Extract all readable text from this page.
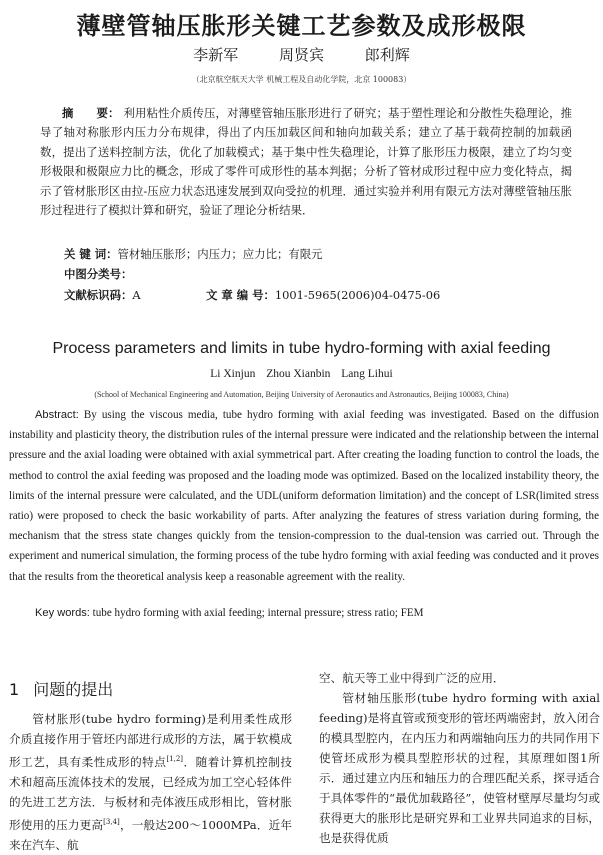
薄壁管轴压胀形关键工艺参数及成形极限
李新军	周贤宾	郎利辉
（北京航空航天大学 机械工程及自动化学院，北京 100083）
摘　　要： 利用粘性介质传压，对薄壁管轴压胀形进行了研究；基于塑性理论和分散性失稳理论，推导了轴对称胀形内压力分布规律，得出了内压加载区间和轴向加载关系；建立了基于载荷控制的加载函数，提出了送料控制方法，优化了加载模式；基于集中性失稳理论，计算了胀形压力极限，建立了均匀变形极限和极限应力比的概念，形成了零件可成形性的基本判据；分析了管材成形过程中应力变化特点，揭示了管材胀形区由拉-压应力状态迅速发展到双向受拉的机理．通过实验并利用有限元方法对薄壁管轴压胀形过程进行了模拟计算和研究，验证了理论分析结果．
关 键 词：管材轴压胀形；内压力；应力比；有限元
中图分类号：
文献标识码：A	文 章 编 号：1001-5965(2006)04-0475-06
Process parameters and limits in tube hydro-forming with axial feeding
Li Xinjun Zhou Xianbin Lang Lihui
(School of Mechanical Engineering and Automation, Beijing University of Aeronautics and Astronautics, Beijing 100083, China)
Abstract: By using the viscous media, tube hydro forming with axial feeding was investigated. Based on the diffusion instability and plasticity theory, the distribution rules of the internal pressure were indicated and the relationship between the internal pressure and the axial loading were obtained with axial symmetrical part. After creating the loading function to control the loads, the method to control the axial feeding was proposed and the loading mode was optimized. Based on the localized instability theory, the limits of the internal pressure were calculated, and the UDL(uniform deformation limitation) and the concept of LSR(limited stress ratio) were proposed to check the basic workability of parts. After analyzing the features of stress variation during forming, the mechanism that the stress state changes quickly from the tension-compression to the dual-tension was carried out. Through the experiment and numerical simulation, the forming process of the tube hydro forming with axial feeding was conducted and it proves that the results from the theoretical analysis keep a reasonable agreement with the reality.
Key words: tube hydro forming with axial feeding; internal pressure; stress ratio; FEM
1 问题的提出
管材胀形(tube hydro forming)是利用柔性成形介质直接作用于管坯内部进行成形的方法，属于软模成形工艺，具有柔性成形的特点[1,2]．随着计算机控制技术和超高压流体技术的发展，已经成为加工空心轻体件的先进工艺方法．与板材和壳体液压成形相比，管材胀形使用的压力更高[3,4]，一般达200～1000MPa．近年来在汽车、航
空、航天等工业中得到广泛的应用．
管材轴压胀形(tube hydro forming with axial feeding)是将直管或预变形的管坯两端密封，放入闭合的模具型腔内，在内压力和两端轴向压力的共同作用下使管坯成形为模具型腔形状的过程，其原理如图1所示．通过建立内压和轴压力的合理匹配关系，探寻适合于具体零件的“最优加载路径”，使管材壁厚尽量均匀或获得更大的胀形比是研究界和工业界共同追求的目标，也是获得优质
